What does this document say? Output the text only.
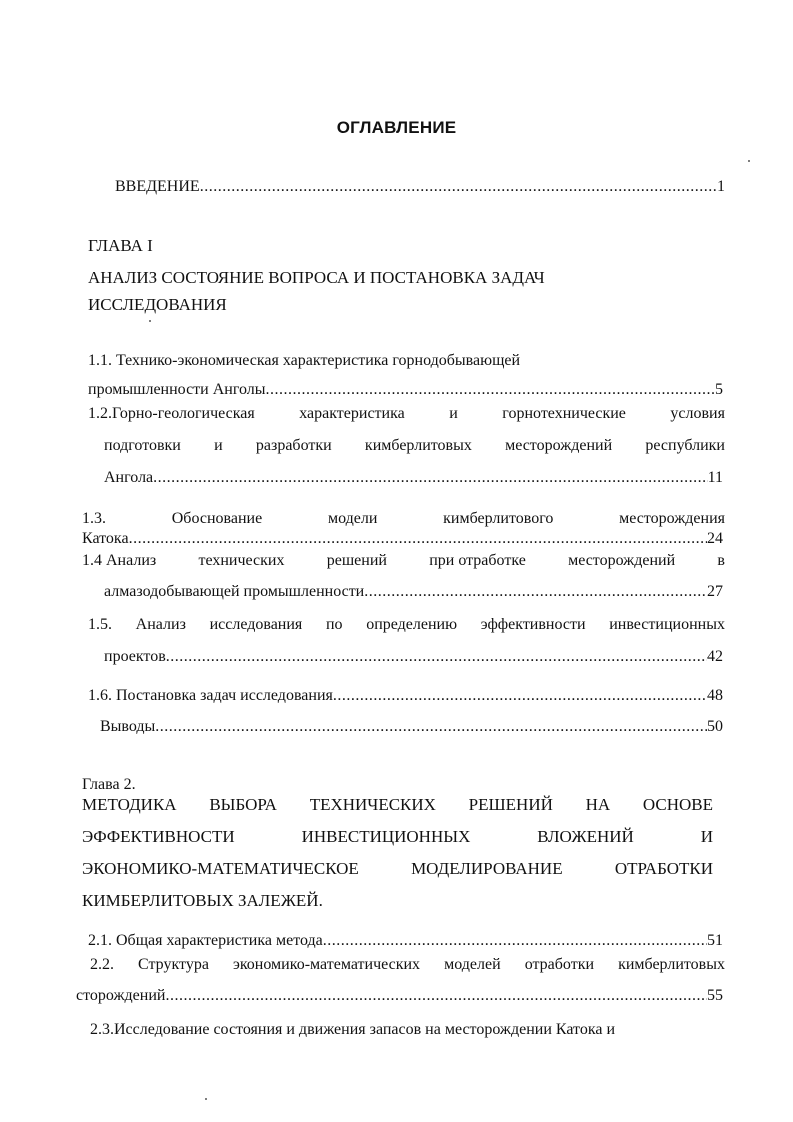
ОГЛАВЛЕНИЕ
ВВЕДЕНИЕ .....	1
ГЛАВА I
АНАЛИЗ СОСТОЯНИЕ ВОПРОСА И ПОСТАНОВКА ЗАДАЧ
ИССЛЕДОВАНИЯ
1.1. Технико-экономическая характеристика горнодобывающей
промышленности Анголы .....	5
1.2.Горно-геологическая	характеристика	и	горнотехнические	условия
подготовки и разработки кимберлитовых месторождений республики
Ангола .....	11
1.3.	Обоснование	модели	кимберлитового	месторождения
Катока .....	24
1.4 Анализ	технических	решений	при отработке	месторождений	в
алмазодобывающей промышленности .....	27
1.5. Анализ исследования по определению эффективности инвестиционных
проектов .....	42
1.6. Постановка задач исследования .....	48
Выводы .....	50
Глава 2.
МЕТОДИКА ВЫБОРА ТЕХНИЧЕСКИХ РЕШЕНИЙ НА ОСНОВЕ
ЭФФЕКТИВНОСТИ	ИНВЕСТИЦИОННЫХ	ВЛОЖЕНИЙ	И
ЭКОНОМИКО-МАТЕМАТИЧЕСКОЕ	МОДЕЛИРОВАНИЕ	ОТРАБОТКИ
КИМБЕРЛИТОВЫХ ЗАЛЕЖЕЙ.
2.1. Общая характеристика метода .....	51
2.2. Структура экономико-математических моделей отработки кимберлитовых
сторождений .....	55
2.3.Исследование состояния и движения запасов на месторождении Катока и
